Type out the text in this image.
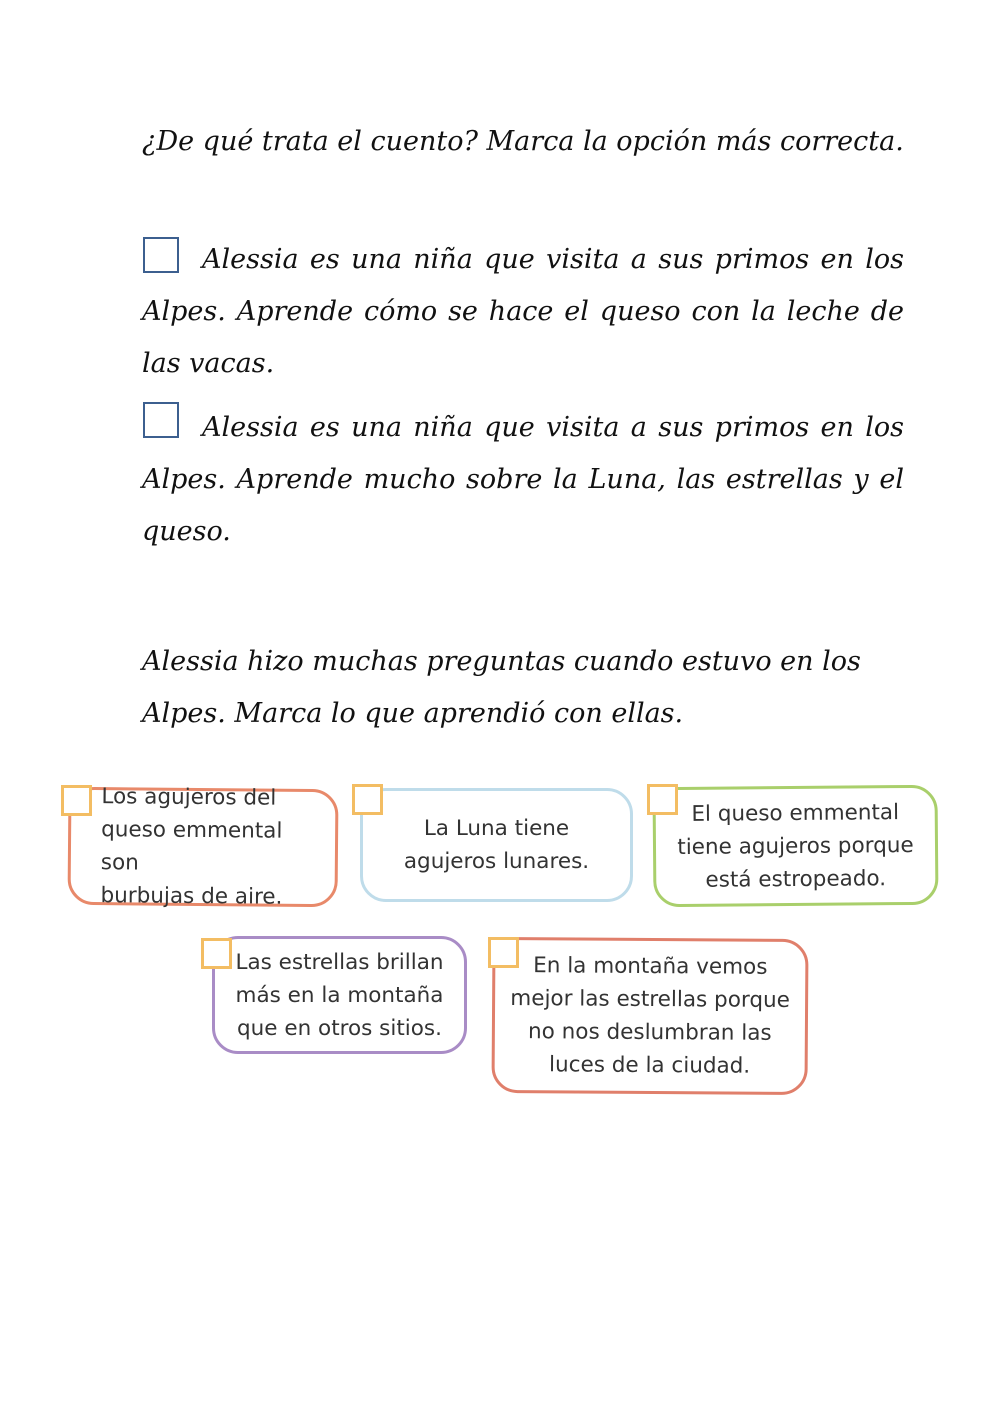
¿De qué trata el cuento? Marca la opción más correcta.

Alessia es una niña que visita a sus primos en los Alpes. Aprende cómo se hace el queso con la leche de las vacas.

Alessia es una niña que visita a sus primos en los Alpes. Aprende mucho sobre la Luna, las estrellas y el queso.

Alessia hizo muchas preguntas cuando estuvo en los Alpes. Marca lo que aprendió con ellas.

Los agujeros del
queso emmental son
burbujas de aire.
La Luna tiene
agujeros lunares.
El queso emmental
tiene agujeros porque
está estropeado.
Las estrellas brillan
más en la montaña
que en otros sitios.
En la montaña vemos
mejor las estrellas porque
no nos deslumbran las
luces de la ciudad.
